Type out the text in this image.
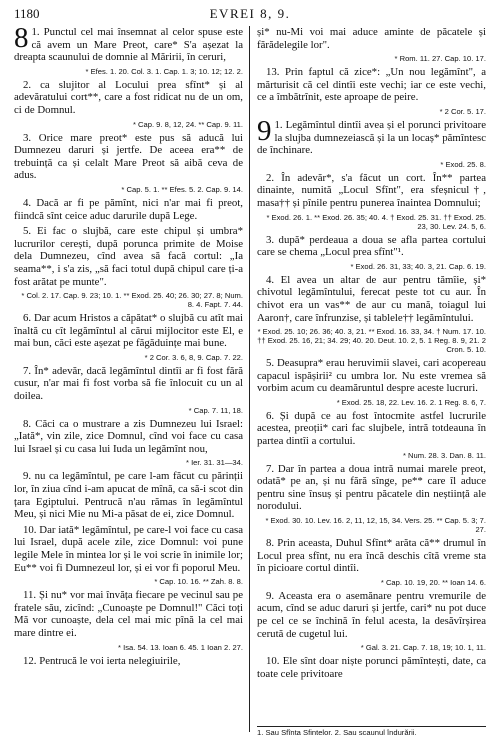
1180	EVREI 8, 9.

8 1. Punctul cel mai însemnat al celor spuse este că avem un Mare Preot, care* S'a așezat la dreapta scaunului de domnie al Măririi, în ceruri,

* Efes. 1. 20. Col. 3. 1. Cap. 1. 3; 10. 12; 12. 2.

2. ca slujitor al Locului prea sfînt* și al adevăratului cort**, care a fost ridicat nu de un om, ci de Domnul.

* Cap. 9. 8, 12, 24. ** Cap. 9. 11.

3. Orice mare preot* este pus să aducă lui Dumnezeu daruri și jertfe. De aceea era** de trebuință ca și celalt Mare Preot să aibă ceva de adus.

* Cap. 5. 1. ** Efes. 5. 2. Cap. 9. 14.

4. Dacă ar fi pe pămînt, nici n'ar mai fi preot, fiindcă sînt ceice aduc darurile după Lege.

5. Ei fac o slujbă, care este chipul și umbra* lucrurilor cerești, după porunca primite de Moise dela Dumnezeu, cînd avea să facă cortul: „Ia seama**, i s'a zis, „să faci totul după chipul care ți-a fost arătat pe munte".

* Col. 2. 17. Cap. 9. 23; 10. 1. ** Exod. 25. 40; 26. 30; 27. 8; Num. 8. 4. Fapt. 7. 44.

6. Dar acum Hristos a căpătat* o slujbă cu atît mai înaltă cu cît legămîntul al cărui mijlocitor este El, e mai bun, căci este așezat pe făgăduințe mai bune.

* 2 Cor. 3. 6, 8, 9. Cap. 7. 22.

7. În* adevăr, dacă legămîntul dintîi ar fi fost fără cusur, n'ar mai fi fost vorba să fie înlocuit cu un al doilea.

* Cap. 7. 11, 18.

8. Căci ca o mustrare a zis Dumnezeu lui Israel: „Iată*, vin zile, zice Domnul, cînd voi face cu casa lui Israel și cu casa lui Iuda un legămînt nou,

* Ier. 31. 31—34.

9. nu ca legămîntul, pe care l-am făcut cu părinții lor, în ziua cînd i-am apucat de mînă, ca să-i scot din țara Egiptului. Pentrucă n'au rămas în legămîntul Meu, și nici Mie nu Mi-a păsat de ei, zice Domnul.

10. Dar iată* legămîntul, pe care-l voi face cu casa lui Israel, după acele zile, zice Domnul: voi pune legile Mele în mintea lor și le voi scrie în inimile lor; Eu** voi fi Dumnezeul lor, și ei vor fi poporul Meu.

* Cap. 10. 16. ** Zah. 8. 8.

11. Și nu* vor mai învăța fiecare pe vecinul sau pe fratele său, zicînd: „Cunoaște pe Domnul!" Căci toți Mă vor cunoaște, dela cel mai mic pînă la cel mai mare dintre ei.

* Isa. 54. 13. Ioan 6. 45. 1 Ioan 2. 27.

12. Pentrucă le voi ierta nelegiuirile,

și* nu-Mi voi mai aduce aminte de păcatele și fărădelegile lor".

* Rom. 11. 27. Cap. 10. 17.

13. Prin faptul că zice*: „Un nou legămînt", a mărturisit că cel dintîi este vechi; iar ce este vechi, ce a îmbătrînit, este aproape de peire.

* 2 Cor. 5. 17.

9 1. Legămîntul dintîi avea și el porunci privitoare la slujba dumnezeiască și la un locaș* pămîntesc de închinare.

* Exod. 25. 8.

2. În adevăr*, s'a făcut un cort. În** partea dinainte, numită „Locul Sfînt", era sfeșnicul†, masa†† și pînile pentru punerea înaintea Domnului;

* Exod. 26. 1. ** Exod. 26. 35; 40. 4. † Exod. 25. 31. †† Exod. 25. 23, 30. Lev. 24. 5, 6.

3. după* perdeaua a doua se afla partea cortului care se chema „Locul prea sfînt"¹.

* Exod. 26. 31, 33; 40. 3, 21. Cap. 6. 19.

4. El avea un altar de aur pentru tămîie, și* chivotul legămîntului, ferecat peste tot cu aur. În chivot era un vas** de aur cu mană, toiagul lui Aaron†, care înfrunzise, și tablele†† legămîntului.

* Exod. 25. 10; 26. 36; 40. 3, 21. ** Exod. 16. 33, 34. † Num. 17. 10. †† Exod. 25. 16, 21; 34. 29; 40. 20. Deut. 10. 2, 5. 1 Reg. 8. 9, 21. 2 Cron. 5. 10.

5. Deasupra* erau heruvimii slavei, cari acopereau capacul ispășirii² cu umbra lor. Nu este vremea să vorbim acum cu deamăruntul despre aceste lucruri.

* Exod. 25. 18, 22. Lev. 16. 2. 1 Reg. 8. 6, 7.

6. Și după ce au fost întocmite astfel lucrurile acestea, preoții* cari fac slujbele, intră totdeauna în partea dintîi a cortului.

* Num. 28. 3. Dan. 8. 11.

7. Dar în partea a doua intră numai marele preot, odată* pe an, și nu fără sînge, pe** care îl aduce pentru sine însuș și pentru păcatele din neștiință ale norodului.

* Exod. 30. 10. Lev. 16. 2, 11, 12, 15, 34. Vers. 25. ** Cap. 5. 3; 7. 27.

8. Prin aceasta, Duhul Sfînt* arăta că** drumul în Locul prea sfînt, nu era încă deschis cîtă vreme sta în picioare cortul dintîi.

* Cap. 10. 19, 20. ** Ioan 14. 6.

9. Aceasta era o asemănare pentru vremurile de acum, cînd se aduc daruri și jertfe, cari* nu pot duce pe cel ce se închină în felul acesta, la desăvîrșirea cerută de cugetul lui.

* Gal. 3. 21. Cap. 7. 18, 19; 10. 1, 11.

10. Ele sînt doar niște porunci pămîntești, date, ca toate cele privitoare

1. Sau Sfînta Sfintelor. 2. Sau scaunul îndurării.
